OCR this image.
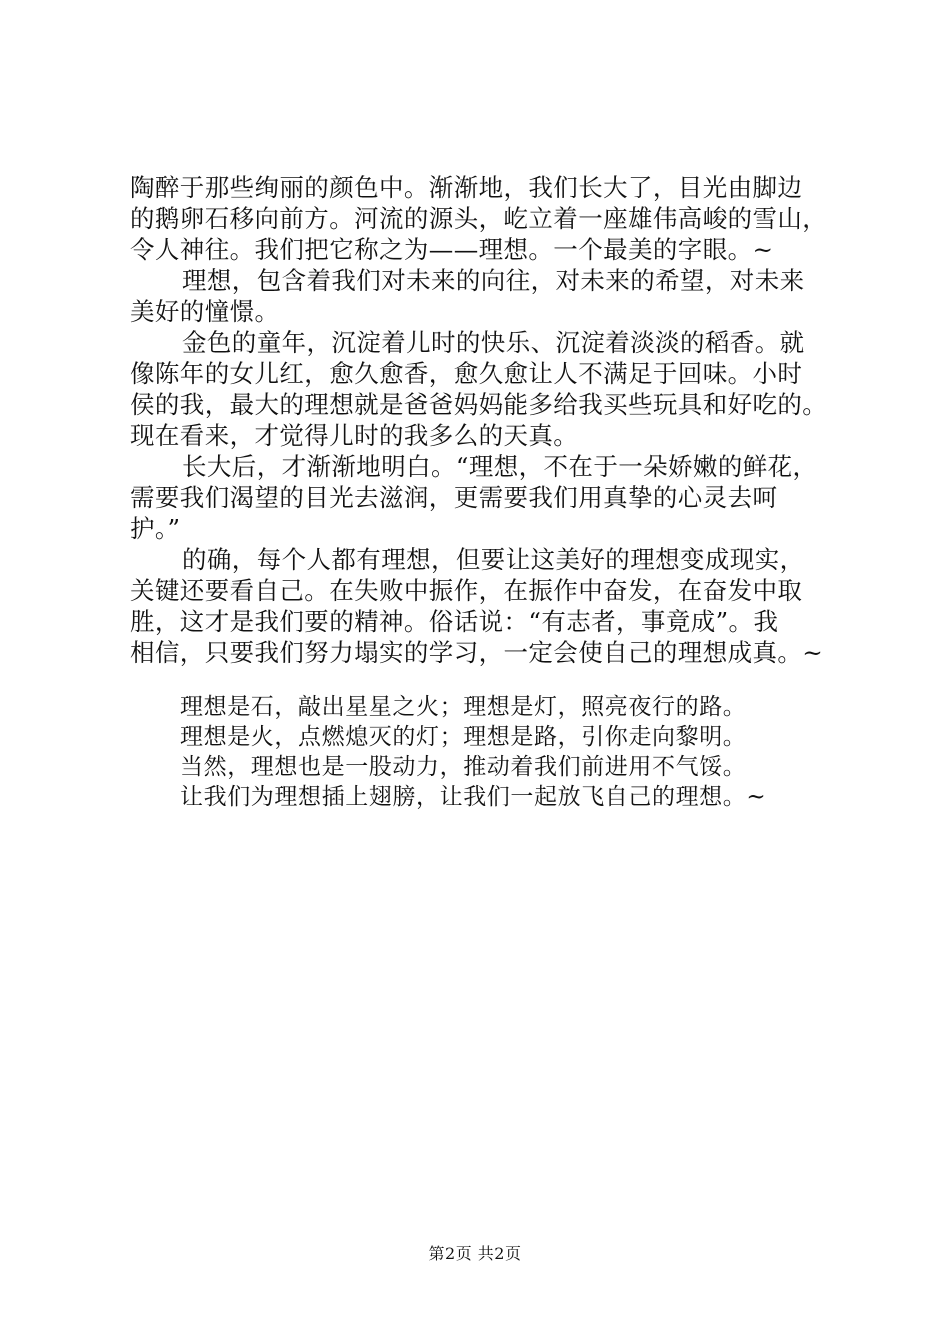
陶醉于那些绚丽的颜色中。渐渐地，我们长大了，目光由脚边
的鹅卵石移向前方。河流的源头，屹立着一座雄伟高峻的雪山，
令人神往。我们把它称之为——理想。一个最美的字眼。~
理想，包含着我们对未来的向往，对未来的希望，对未来
美好的憧憬。
金色的童年，沉淀着儿时的快乐、沉淀着淡淡的稻香。就
像陈年的女儿红，愈久愈香，愈久愈让人不满足于回味。小时
侯的我，最大的理想就是爸爸妈妈能多给我买些玩具和好吃的。
现在看来，才觉得儿时的我多么的天真。
长大后，才渐渐地明白。“理想，不在于一朵娇嫩的鲜花，
需要我们渴望的目光去滋润，更需要我们用真挚的心灵去呵
护。”
的确，每个人都有理想，但要让这美好的理想变成现实，
关键还要看自己。在失败中振作，在振作中奋发，在奋发中取
胜，这才是我们要的精神。俗话说：“有志者，事竟成”。我
相信，只要我们努力塌实的学习，一定会使自己的理想成真。~
理想是石，敲出星星之火；理想是灯，照亮夜行的路。
理想是火，点燃熄灭的灯；理想是路，引你走向黎明。
当然，理想也是一股动力，推动着我们前进用不气馁。
让我们为理想插上翅膀，让我们一起放飞自己的理想。~
第2页 共2页
